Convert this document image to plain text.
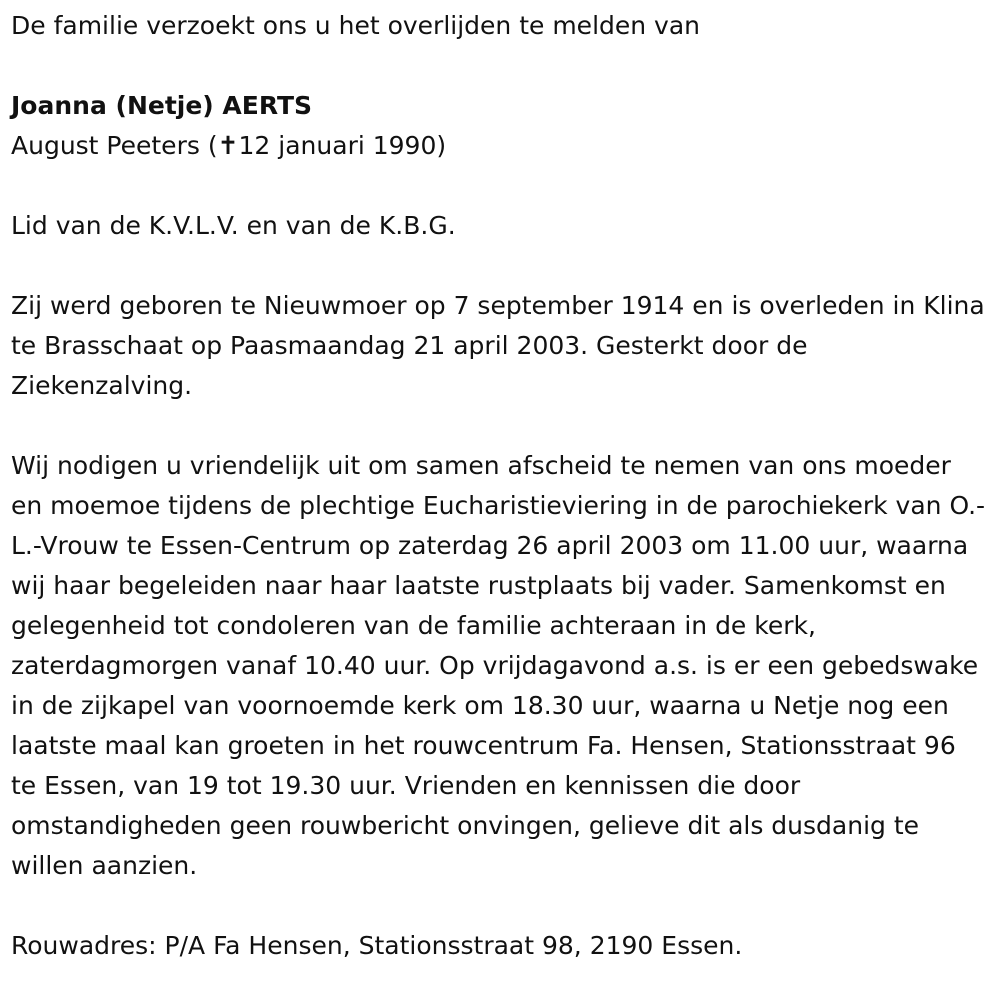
De familie verzoekt ons u het overlijden te melden van

Joanna (Netje) AERTS

August Peeters (✝12 januari 1990)

Lid van de K.V.L.V. en van de K.B.G.

Zij werd geboren te Nieuwmoer op 7 september 1914 en is overleden in Klina te Brasschaat op Paasmaandag 21 april 2003. Gesterkt door de Ziekenzalving.

Wij nodigen u vriendelijk uit om samen afscheid te nemen van ons moeder en moemoe tijdens de plechtige Eucharistieviering in de parochiekerk van O.-L.-Vrouw te Essen-Centrum op zaterdag 26 april 2003 om 11.00 uur, waarna wij haar begeleiden naar haar laatste rustplaats bij vader. Samenkomst en gelegenheid tot condoleren van de familie achteraan in de kerk, zaterdagmorgen vanaf 10.40 uur. Op vrijdagavond a.s. is er een gebedswake in de zijkapel van voornoemde kerk om 18.30 uur, waarna u Netje nog een laatste maal kan groeten in het rouwcentrum Fa. Hensen, Stationsstraat 96 te Essen, van 19 tot 19.30 uur. Vrienden en kennissen die door omstandigheden geen rouwbericht onvingen, gelieve dit als dusdanig te willen aanzien.

Rouwadres: P/A Fa Hensen, Stationsstraat 98, 2190 Essen.
